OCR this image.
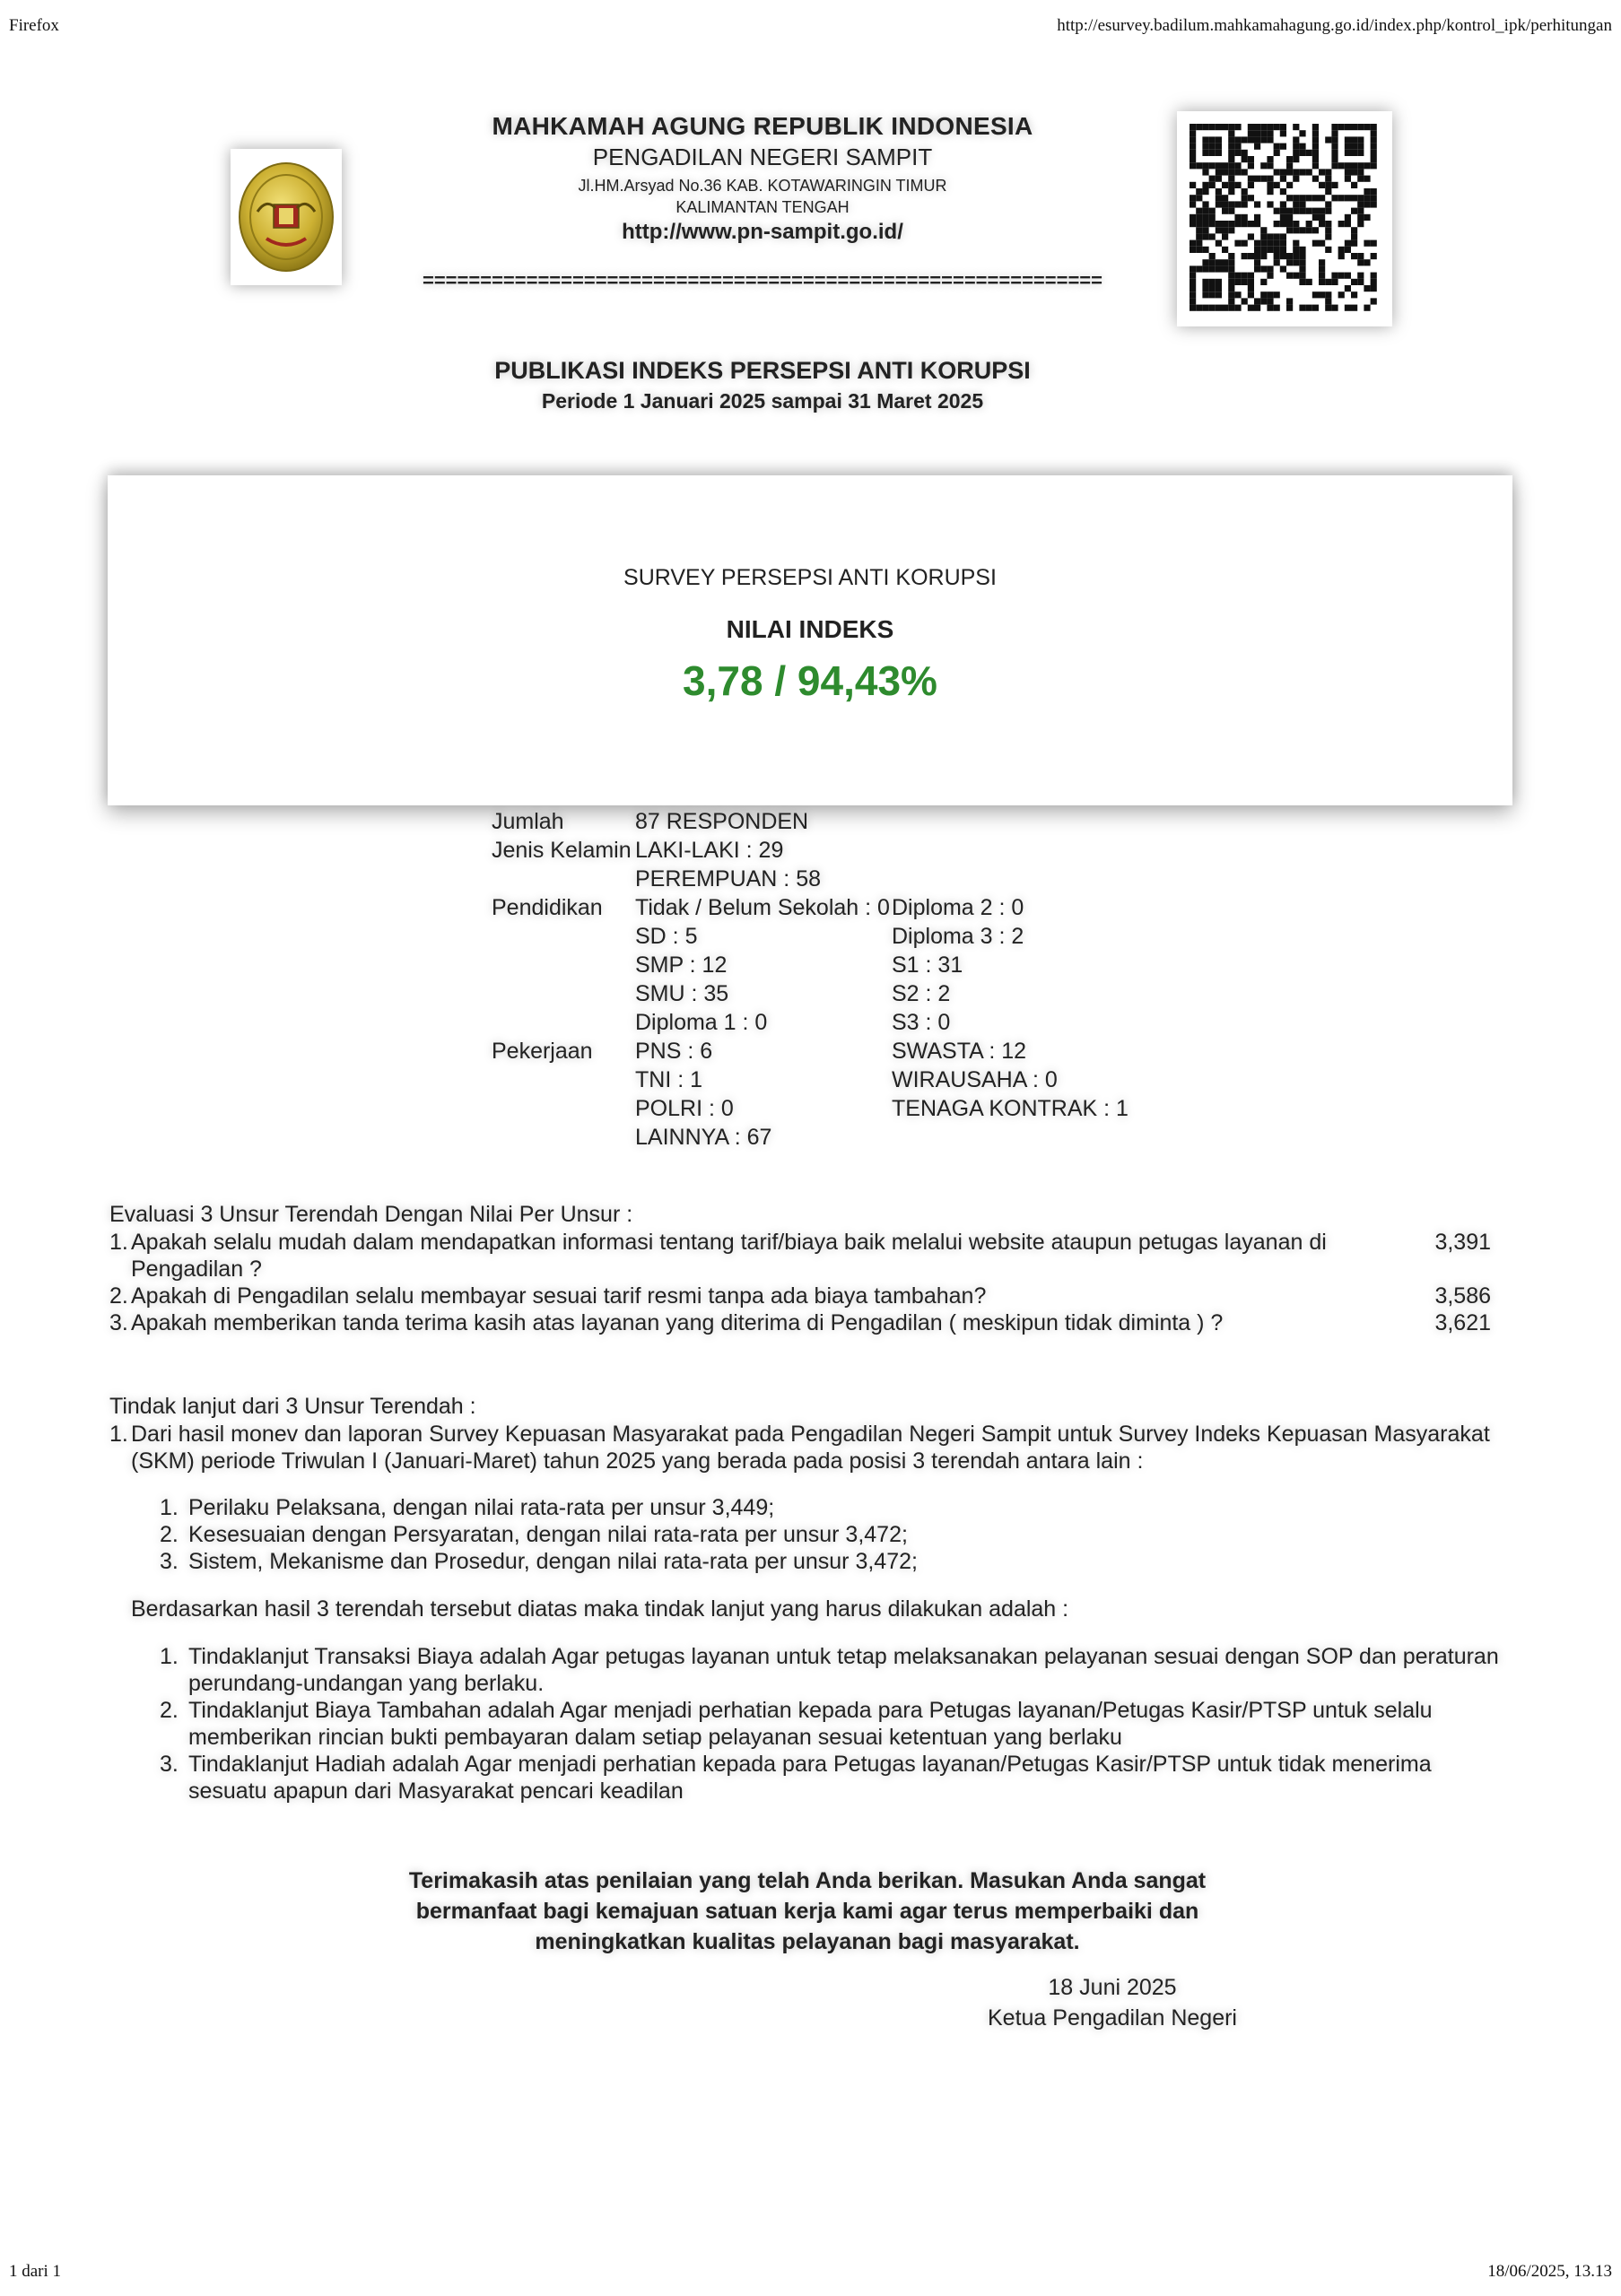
Firefox	http://esurvey.badilum.mahkamahagung.go.id/index.php/kontrol_ipk/perhitungan
1 dari 1	18/06/2025, 13.13
MAHKAMAH AGUNG REPUBLIK INDONESIA
PENGADILAN NEGERI SAMPIT
Jl.HM.Arsyad No.36 KAB. KOTAWARINGIN TIMUR
KALIMANTAN TENGAH
http://www.pn-sampit.go.id/
===========================================================
PUBLIKASI INDEKS PERSEPSI ANTI KORUPSI
Periode 1 Januari 2025 sampai 31 Maret 2025
SURVEY PERSEPSI ANTI KORUPSI
NILAI INDEKS
3,78 / 94,43%
Jumlah	87 RESPONDEN	
Jenis Kelamin	LAKI-LAKI : 29	
	PEREMPUAN : 58	
Pendidikan	Tidak / Belum Sekolah : 0	Diploma 2 : 0
	SD : 5	Diploma 3 : 2
	SMP : 12	S1 : 31
	SMU : 35	S2 : 2
	Diploma 1 : 0	S3 : 0
Pekerjaan	PNS : 6	SWASTA : 12
	TNI : 1	WIRAUSAHA : 0
	POLRI : 0	TENAGA KONTRAK : 1
	LAINNYA : 67	
Evaluasi 3 Unsur Terendah Dengan Nilai Per Unsur :
1. Apakah selalu mudah dalam mendapatkan informasi tentang tarif/biaya baik melalui website ataupun petugas layanan di Pengadilan ?
3,391
2. Apakah di Pengadilan selalu membayar sesuai tarif resmi tanpa ada biaya tambahan?	3,586
3. Apakah memberikan tanda terima kasih atas layanan yang diterima di Pengadilan ( meskipun tidak diminta ) ?	3,621
Tindak lanjut dari 3 Unsur Terendah :
1. Dari hasil monev dan laporan Survey Kepuasan Masyarakat pada Pengadilan Negeri Sampit untuk Survey Indeks Kepuasan Masyarakat (SKM) periode Triwulan I (Januari-Maret) tahun 2025 yang berada pada posisi 3 terendah antara lain :
1. Perilaku Pelaksana, dengan nilai rata-rata per unsur 3,449;
2. Kesesuaian dengan Persyaratan, dengan nilai rata-rata per unsur 3,472;
3. Sistem, Mekanisme dan Prosedur, dengan nilai rata-rata per unsur 3,472;
Berdasarkan hasil 3 terendah tersebut diatas maka tindak lanjut yang harus dilakukan adalah :
1. Tindaklanjut Transaksi Biaya adalah Agar petugas layanan untuk tetap melaksanakan pelayanan sesuai dengan SOP dan peraturan perundang-undangan yang berlaku.
2. Tindaklanjut Biaya Tambahan adalah Agar menjadi perhatian kepada para Petugas layanan/Petugas Kasir/PTSP untuk selalu memberikan rincian bukti pembayaran dalam setiap pelayanan sesuai ketentuan yang berlaku
3. Tindaklanjut Hadiah adalah Agar menjadi perhatian kepada para Petugas layanan/Petugas Kasir/PTSP untuk tidak menerima sesuatu apapun dari Masyarakat pencari keadilan
Terimakasih atas penilaian yang telah Anda berikan. Masukan Anda sangat bermanfaat bagi kemajuan satuan kerja kami agar terus memperbaiki dan meningkatkan kualitas pelayanan bagi masyarakat.
18 Juni 2025
Ketua Pengadilan Negeri
